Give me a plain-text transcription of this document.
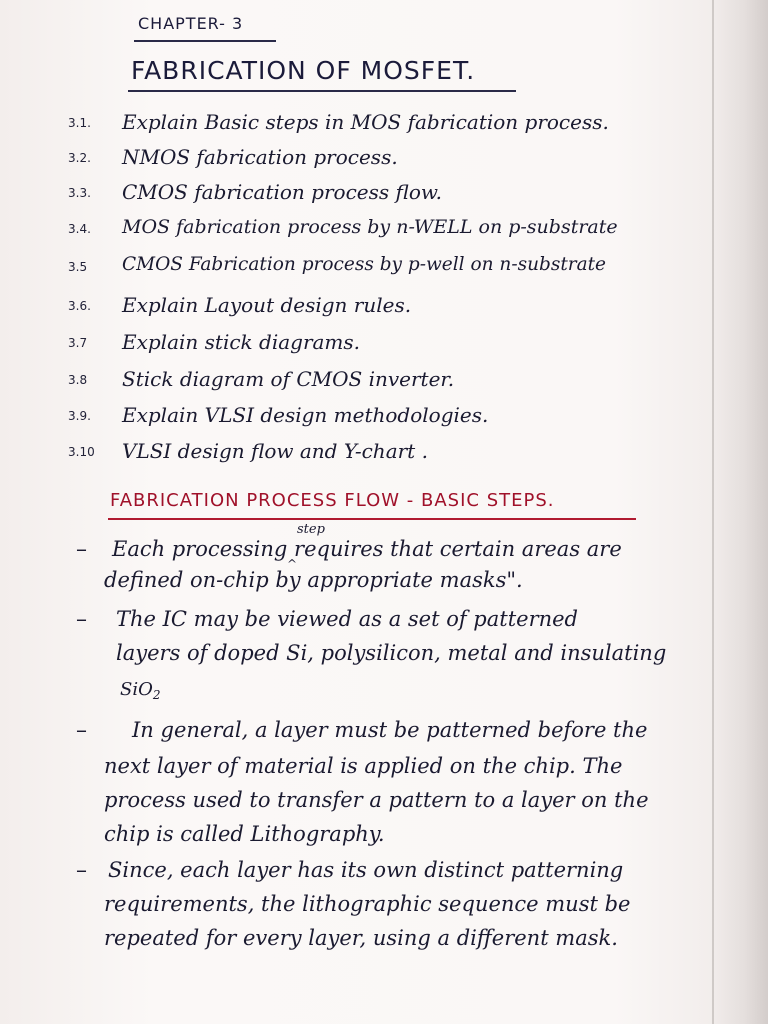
CHAPTER- 3
FABRICATION OF MOSFET.
3.1. Explain Basic steps in MOS fabrication process.
3.2. NMOS fabrication process.
3.3. CMOS fabrication process flow.
3.4. MOS fabrication process by n-WELL on p-substrate
3.5 CMOS Fabrication process by p-well on n-substrate
3.6. Explain Layout design rules.
3.7 Explain stick diagrams.
3.8 Stick diagram of CMOS inverter.
3.9. Explain VLSI design methodologies.
3.10 VLSI design flow and Y-chart .
FABRICATION PROCESS FLOW - BASIC STEPS.
step
^
– Each processing requires that certain areas are
defined on-chip by appropriate masks".
– The IC may be viewed as a set of patterned
layers of doped Si, polysilicon, metal and insulating
SiO$_2$
– In general, a layer must be patterned before the
next layer of material is applied on the chip. The
process used to transfer a pattern to a layer on the
chip is called Lithography.
– Since, each layer has its own distinct patterning
requirements, the lithographic sequence must be
repeated for every layer, using a different mask.
